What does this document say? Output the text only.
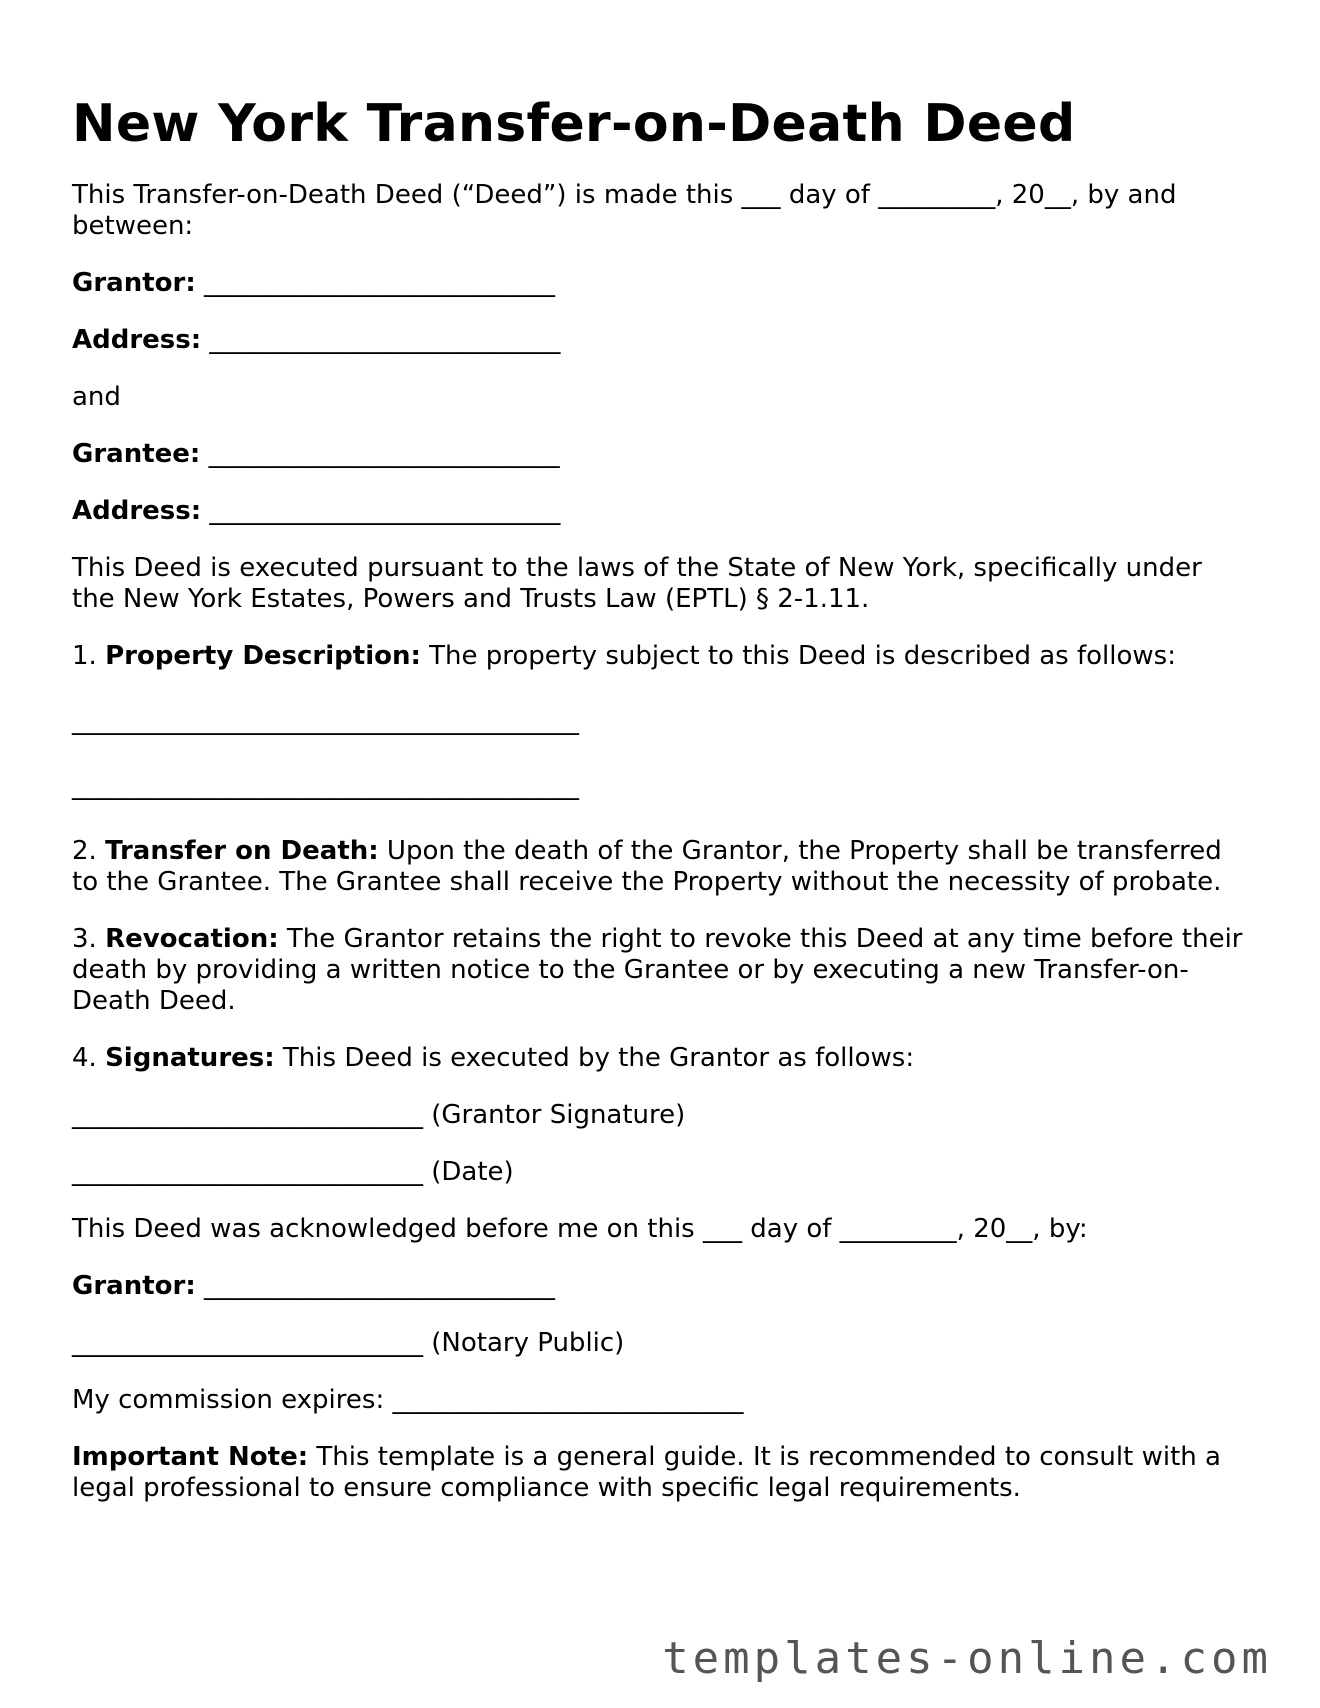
New York Transfer-on-Death Deed

This Transfer-on-Death Deed (“Deed”) is made this ___ day of _________, 20__, by and between:

Grantor: ___________________________

Address: ___________________________

and

Grantee: ___________________________

Address: ___________________________

This Deed is executed pursuant to the laws of the State of New York, specifically under the New York Estates, Powers and Trusts Law (EPTL) § 2-1.11.

1. Property Description: The property subject to this Deed is described as follows:

_______________________________________

_______________________________________

2. Transfer on Death: Upon the death of the Grantor, the Property shall be transferred to the Grantee. The Grantee shall receive the Property without the necessity of probate.

3. Revocation: The Grantor retains the right to revoke this Deed at any time before their death by providing a written notice to the Grantee or by executing a new Transfer-on-Death Deed.

4. Signatures: This Deed is executed by the Grantor as follows:

___________________________ (Grantor Signature)

___________________________ (Date)

This Deed was acknowledged before me on this ___ day of _________, 20__, by:

Grantor: ___________________________

___________________________ (Notary Public)

My commission expires: ___________________________

Important Note: This template is a general guide. It is recommended to consult with a legal professional to ensure compliance with specific legal requirements.

templates-online.com
